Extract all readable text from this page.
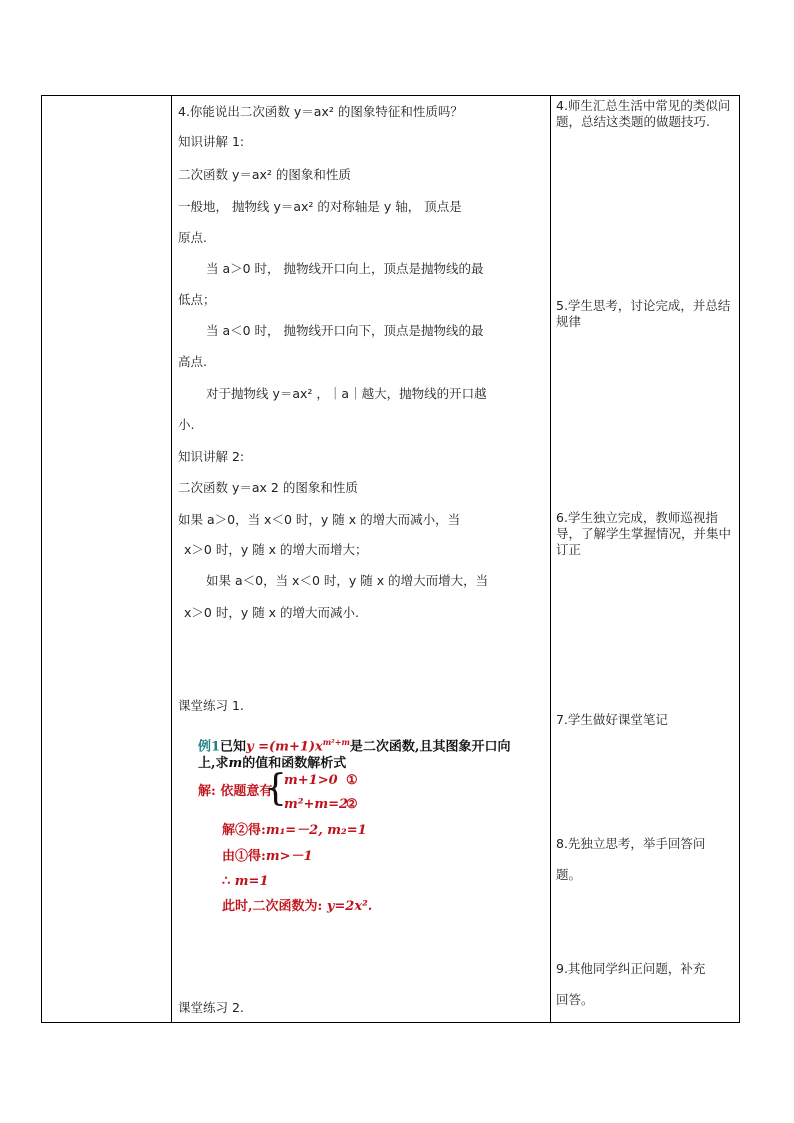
4.你能说出二次函数 y＝ax² 的图象特征和性质吗？
知识讲解 1:
二次函数 y＝ax² 的图象和性质
一般地， 抛物线 y＝ax² 的对称轴是 y 轴， 顶点是
原点.
当 a＞0 时， 抛物线开口向上，顶点是抛物线的最
低点；
当 a＜0 时， 抛物线开口向下，顶点是抛物线的最
高点.
对于抛物线 y＝ax² ，｜a｜越大，抛物线的开口越
小.
知识讲解 2:
二次函数 y＝ax 2 的图象和性质
如果 a＞0，当 x＜0 时，y 随 x 的增大而减小，当
x＞0 时，y 随 x 的增大而增大；
如果 a＜0，当 x＜0 时，y 随 x 的增大而增大，当
x＞0 时，y 随 x 的增大而减小.
课堂练习 1.
例1已知$y =(m+1)x^{m^2+m}$是二次函数,且其图象开口向
上,求m的值和函数解析式
解: 依题意有:
{
m+1>0 ①
m²+m=2
②
解②得:m₁=－2, m₂=1
由①得:m>－1
∴ m=1
此时,二次函数为: y=2x².
课堂练习 2.

4.师生汇总生活中常见的类似问题，总结这类题的做题技巧.
5.学生思考，讨论完成，并总结规律
6.学生独立完成，教师巡视指导，了解学生掌握情况，并集中订正
7.学生做好课堂笔记
8.先独立思考，举手回答问
题。
9.其他同学纠正问题，补充
回答。
